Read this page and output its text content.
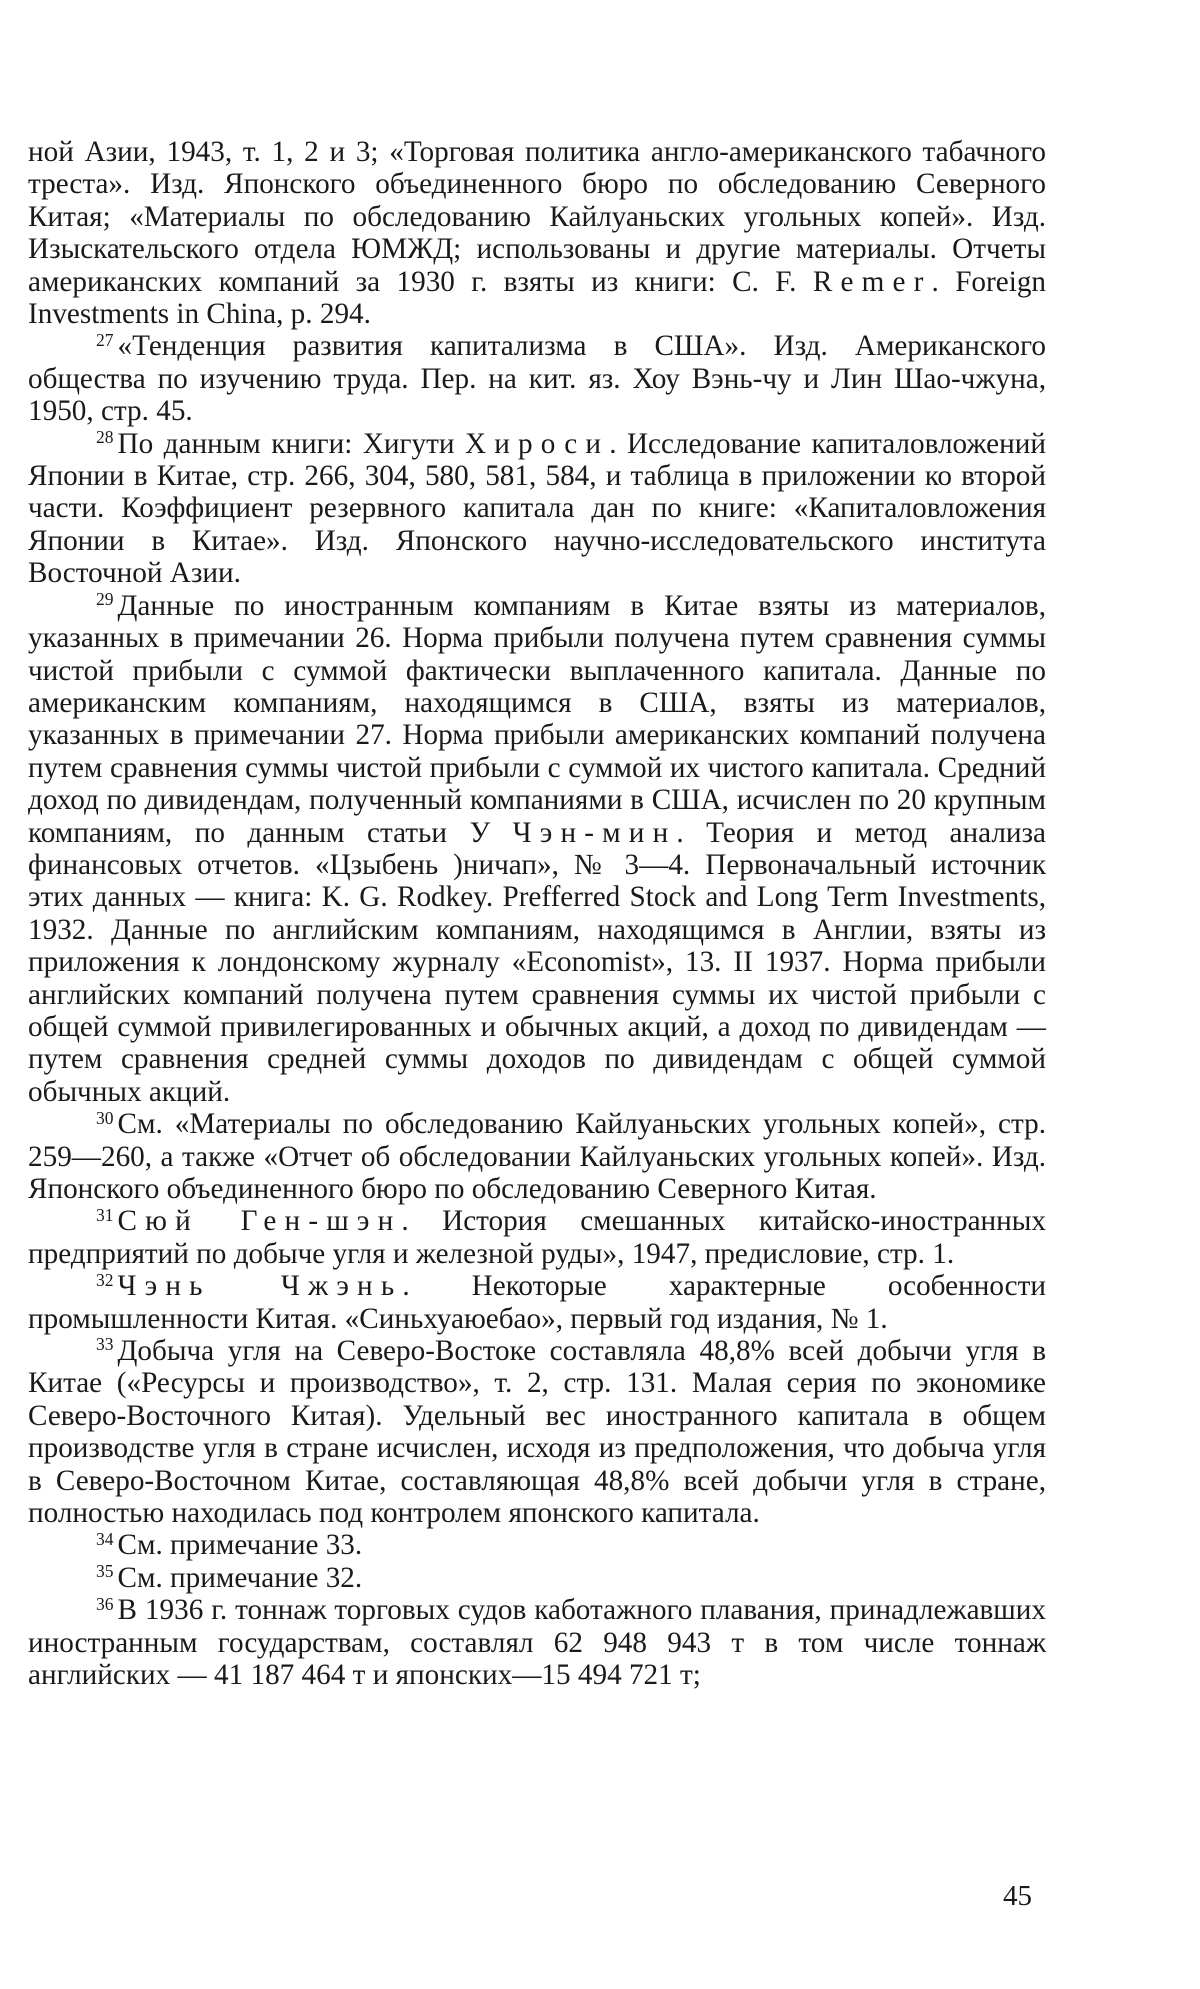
ной Азии, 1943, т. 1, 2 и 3; «Торговая политика англо-американского табачного треста». Изд. Японского объединенного бюро по обследованию Северного Китая; «Материалы по обследованию Кайлуаньских угольных копей». Изд. Изыскательского отдела ЮМЖД; использованы и другие материалы. Отчеты американских компаний за 1930 г. взяты из книги: С. F. Remer. Foreign Investments in China, p. 294.

$^{27}$ «Тенденция развития капитализма в США». Изд. Американского общества по изучению труда. Пер. на кит. яз. Хоу Вэнь-чу и Лин Шао-чжуна, 1950, стр. 45.

$^{28}$ По данным книги: Хигути Хироси. Исследование капиталовложений Японии в Китае, стр. 266, 304, 580, 581, 584, и таблица в приложении ко второй части. Коэффициент резервного капитала дан по книге: «Капиталовложения Японии в Китае». Изд. Японского научно-исследовательского института Восточной Азии.

$^{29}$ Данные по иностранным компаниям в Китае взяты из материалов, указанных в примечании 26. Норма прибыли получена путем сравнения суммы чистой прибыли с суммой фактически выплаченного капитала. Данные по американским компаниям, находящимся в США, взяты из материалов, указанных в примечании 27. Норма прибыли американских компаний получена путем сравнения суммы чистой прибыли с суммой их чистого капитала. Средний доход по дивидендам, полученный компаниями в США, исчислен по 20 крупным компаниям, по данным статьи У Чэн-мин. Теория и метод анализа финансовых отчетов. «Цзыбень )ничап», № 3—4. Первоначальный источник этих данных — книга: K. G. Rodkey. Prefferred Stock and Long Term Investments, 1932. Данные по английским компаниям, находящимся в Англии, взяты из приложения к лондонскому журналу «Economist», 13. II 1937. Норма прибыли английских компаний получена путем сравнения суммы их чистой прибыли с общей суммой привилегированных и обычных акций, а доход по дивидендам — путем сравнения средней суммы доходов по дивидендам с общей суммой обычных акций.

$^{30}$ См. «Материалы по обследованию Кайлуаньских угольных копей», стр. 259—260, а также «Отчет об обследовании Кайлуаньских угольных копей». Изд. Японского объединенного бюро по обследованию Северного Китая.

$^{31}$ Сюй Ген-шэн. История смешанных китайско-иностранных предприятий по добыче угля и железной руды», 1947, предисловие, стр. 1.

$^{32}$ Чэнь Чжэнь. Некоторые характерные особенности промышленности Китая. «Синьхуаюебао», первый год издания, № 1.

$^{33}$ Добыча угля на Северо-Востоке составляла 48,8% всей добычи угля в Китае («Ресурсы и производство», т. 2, стр. 131. Малая серия по экономике Северо-Восточного Китая). Удельный вес иностранного капитала в общем производстве угля в стране исчислен, исходя из предположения, что добыча угля в Северо-Восточном Китае, составляющая 48,8% всей добычи угля в стране, полностью находилась под контролем японского капитала.

$^{34}$ См. примечание 33.

$^{35}$ См. примечание 32.

$^{36}$ В 1936 г. тоннаж торговых судов каботажного плавания, принадлежавших иностранным государствам, составлял 62 948 943 т в том числе тоннаж английских — 41 187 464 т и японских—15 494 721 т;

45
